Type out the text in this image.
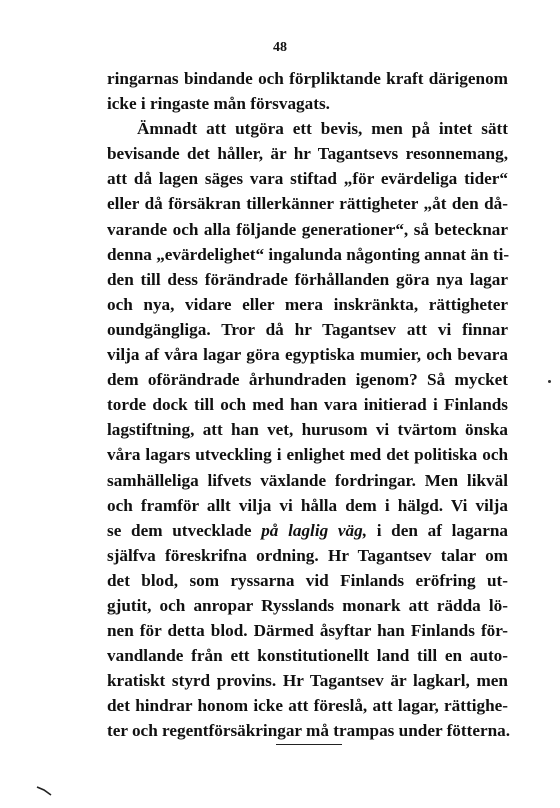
48
ringarnas bindande och förpliktande kraft därigenom
icke i ringaste mån försvagats.
Ämnadt att utgöra ett bevis, men på intet sätt
bevisande det håller, är hr Tagantsevs resonnemang,
att då lagen säges vara stiftad „för evärdeliga tider“
eller då försäkran tillerkänner rättigheter „åt den då-
varande och alla följande generationer“, så betecknar
denna „evärdelighet“ ingalunda någonting annat än ti-
den till dess förändrade förhållanden göra nya lagar
och nya, vidare eller mera inskränkta, rättigheter
oundgängliga. Tror då hr Tagantsev att vi finnar
vilja af våra lagar göra egyptiska mumier, och bevara
dem oförändrade århundraden igenom? Så mycket
torde dock till och med han vara initierad i Finlands
lagstiftning, att han vet, hurusom vi tvärtom önska
våra lagars utveckling i enlighet med det politiska och
samhälleliga lifvets växlande fordringar. Men likväl
och framför allt vilja vi hålla dem i hälgd. Vi vilja
se dem utvecklade på laglig väg, i den af lagarna
själfva föreskrifna ordning. Hr Tagantsev talar om
det blod, som ryssarna vid Finlands eröfring ut-
gjutit, och anropar Rysslands monark att rädda lö-
nen för detta blod. Därmed åsyftar han Finlands för-
vandlande från ett konstitutionellt land till en auto-
kratiskt styrd provins. Hr Tagantsev är lagkarl, men
det hindrar honom icke att föreslå, att lagar, rättighe-
ter och regentförsäkringar må trampas under fötterna.
